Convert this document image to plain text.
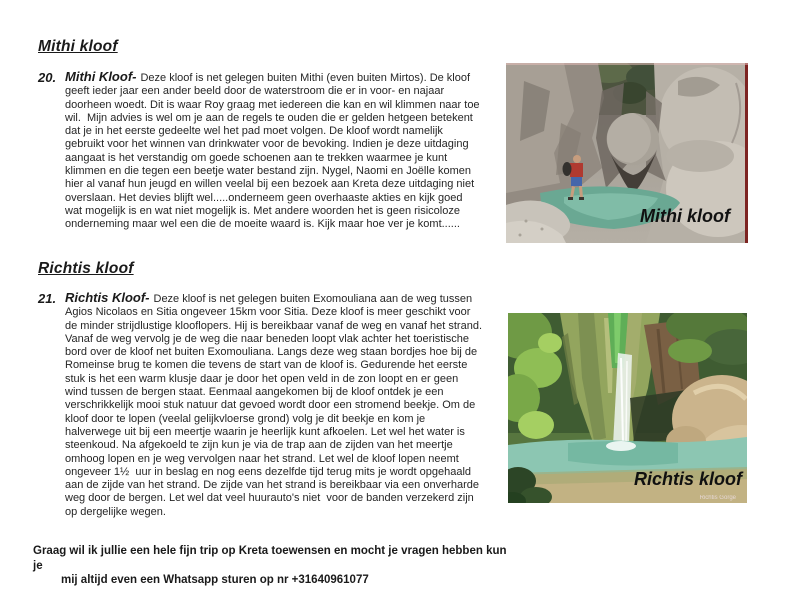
Mithi kloof
20. Mithi Kloof- Deze kloof is net gelegen buiten Mithi (even buiten Mirtos). De kloof geeft ieder jaar een ander beeld door de waterstroom die er in voor- en najaar doorheen woedt. Dit is waar Roy graag met iedereen die kan en wil klimmen naar toe wil.  Mijn advies is wel om je aan de regels te ouden die er gelden hetgeen betekent dat je in het eerste gedeelte wel het pad moet volgen. De kloof wordt namelijk gebruikt voor het winnen van drinkwater voor de bevoking. Indien je deze uitdaging aangaat is het verstandig om goede schoenen aan te trekken waarmee je kunt klimmen en die tegen een beetje water bestand zijn. Nygel, Naomi en Joëlle komen hier al vanaf hun jeugd en willen veelal bij een bezoek aan Kreta deze uitdaging niet overslaan. Het devies blijft wel.....onderneem geen overhaaste akties en kijk goed wat mogelijk is en wat niet mogelijk is. Met andere woorden het is geen risicoloze onderneming maar wel een die de moeite waard is. Kijk maar hoe ver je komt......	Mithi kloof
Richtis kloof
21. Richtis Kloof- Deze kloof is net gelegen buiten Exomouliana aan de weg tussen Agios Nicolaos en Sitia ongeveer 15km voor Sitia. Deze kloof is meer geschikt voor de minder strijdlustige klooflopers. Hij is bereikbaar vanaf de weg en vanaf het strand. Vanaf de weg vervolg je de weg die naar beneden loopt vlak achter het toeristische bord over de kloof net buiten Exomouliana. Langs deze weg staan bordjes hoe bij de Romeinse brug te komen die tevens de start van de kloof is. Gedurende het eerste stuk is het een warm klusje daar je door het open veld in de zon loopt en er geen wind tussen de bergen staat. Eenmaal aangekomen bij de kloof ontdek je een verschrikkelijk mooi stuk natuur dat gevoed wordt door een stromend beekje. Om de kloof door te lopen (veelal gelijkvloerse grond) volg je dit beekje en kom je halverwege uit bij een meertje waarin je heerlijk kunt afkoelen. Let wel het water is steenkoud. Na afgekoeld te zijn kun je via de trap aan de zijden van het meertje omhoog lopen en je weg vervolgen naar het strand. Let wel de kloof lopen neemt ongeveer 1½  uur in beslag en nog eens dezelfde tijd terug mits je wordt opgehaald aan de zijde van het strand. De zijde van het strand is bereikbaar via een onverharde weg door de bergen. Let wel dat veel huurauto's niet  voor de banden verzekerd zijn op dergelijke wegen.
Richtis kloof
Richtis Gorge
Graag wil ik jullie een hele fijn trip op Kreta toewensen en mocht je vragen hebben kun je
mij altijd even een Whatsapp sturen op nr +31640961077
